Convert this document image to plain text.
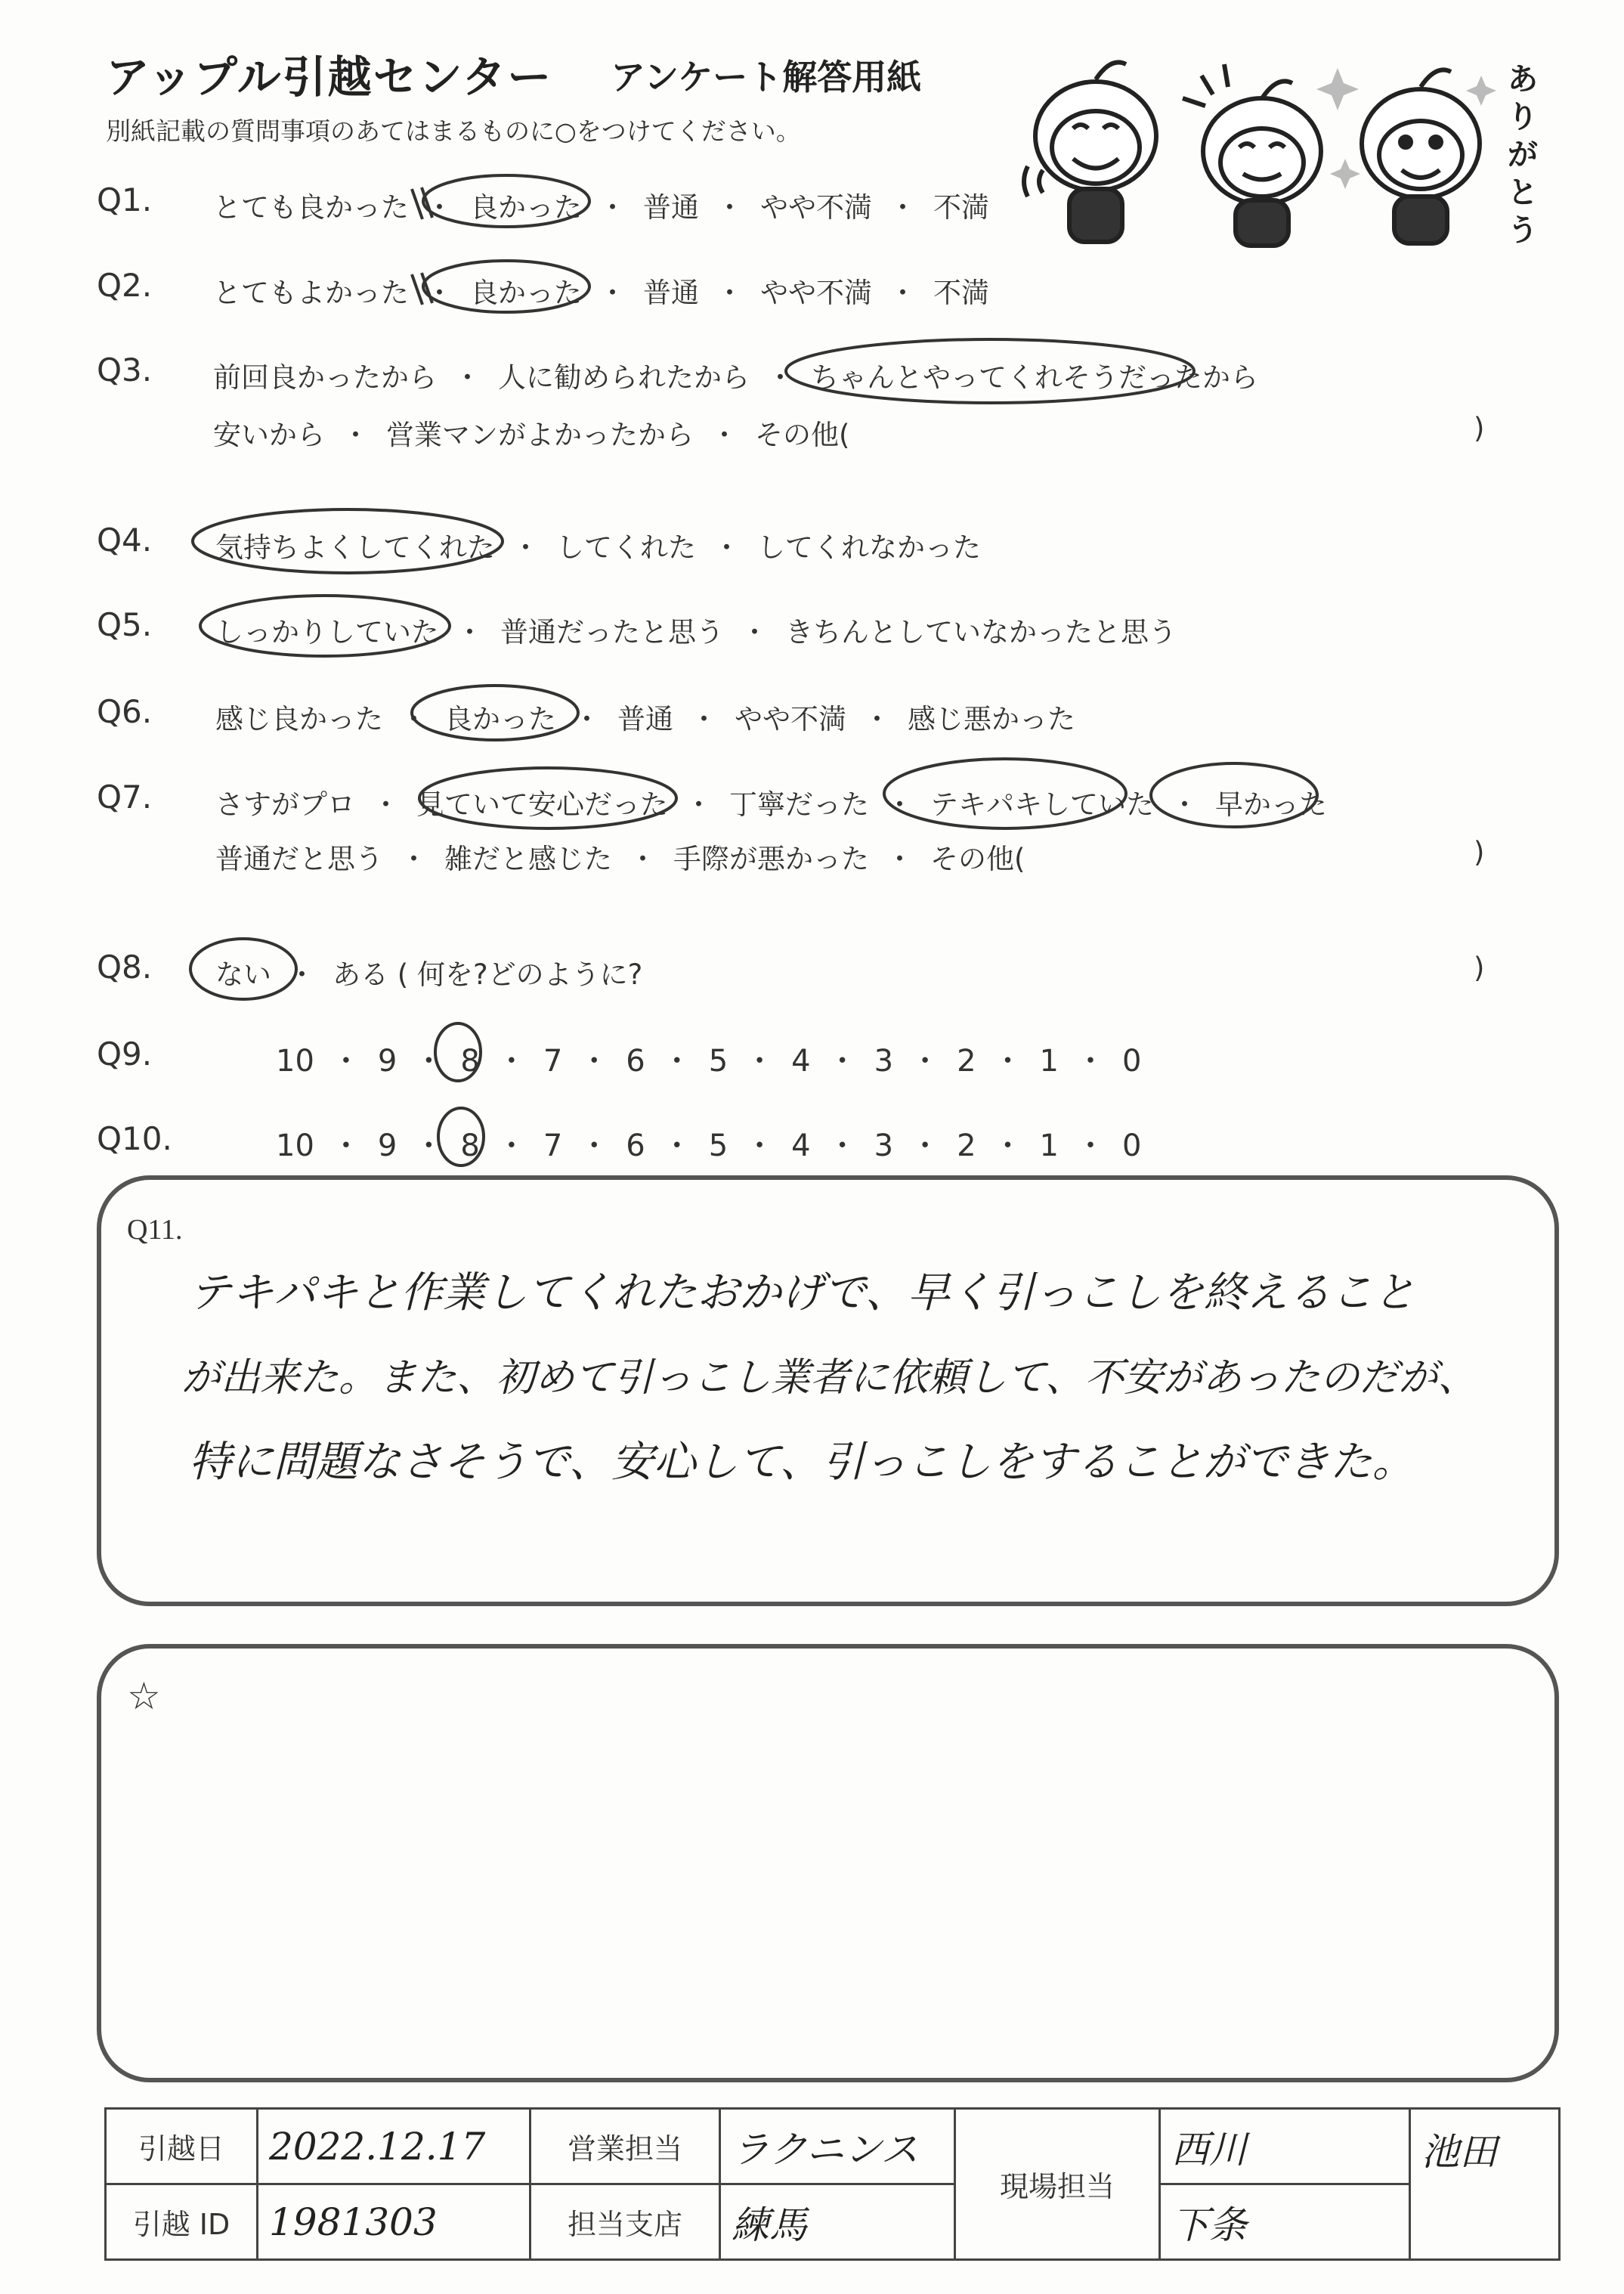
アップル引越センター アンケート解答用紙
別紙記載の質問事項のあてはまるものに○をつけてください。
ありがとう
Q1. とても良かった ・ 良かった ・ 普通 ・ やや不満 ・ 不満
Q2. とてもよかった ・ 良かった ・ 普通 ・ やや不満 ・ 不満
Q3. 前回良かったから ・ 人に勧められたから ・ ちゃんとやってくれそうだったから
安いから ・ 営業マンがよかったから ・ その他(	)
Q4. 気持ちよくしてくれた ・ してくれた ・ してくれなかった
Q5. しっかりしていた ・ 普通だったと思う ・ きちんとしていなかったと思う
Q6. 感じ良かった ・ 良かった ・ 普通 ・ やや不満 ・ 感じ悪かった
Q7. さすがプロ ・ 見ていて安心だった ・ 丁寧だった ・ テキパキしていた ・ 早かった
普通だと思う ・ 雑だと感じた ・ 手際が悪かった ・ その他(	)
Q8. ない ・ ある ( 何を?どのように?	)
Q9.	10 ・ 9 ・ 8 ・ 7 ・ 6 ・ 5 ・ 4 ・ 3 ・ 2 ・ 1 ・ 0
Q10.	10 ・ 9 ・ 8 ・ 7 ・ 6 ・ 5 ・ 4 ・ 3 ・ 2 ・ 1 ・ 0
Q11.
テキパキと作業してくれたおかげで、早く引っこしを終えること
が出来た。また、初めて引っこし業者に依頼して、不安があったのだが、
特に問題なさそうで、安心して、引っこしをすることができた。
☆
引越日	2022.12.17	営業担当	ラクニンス	現場担当	西川	池田
引越 ID	1981303	担当支店	練馬		下条	
